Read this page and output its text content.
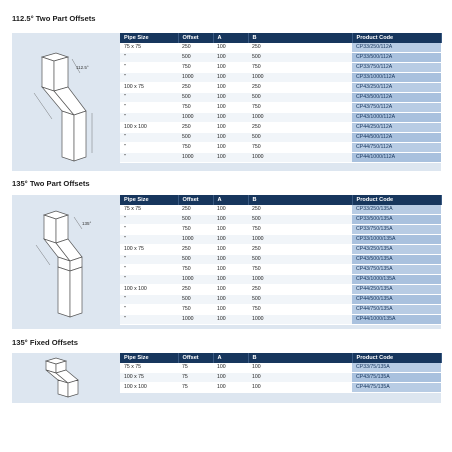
112.5° Two Part Offsets
112.5°
Pipe Size	Offset	A	B	Product Code
75 x 75	250	100	250	CP33/250/112A
"	500	100	500	CP33/500/112A
"	750	100	750	CP33/750/112A
"	1000	100	1000	CP33/1000/112A
100 x 75	250	100	250	CP43/250/112A
"	500	100	500	CP43/500/112A
"	750	100	750	CP43/750/112A
"	1000	100	1000	CP43/1000/112A
100 x 100	250	100	250	CP44/250/112A
"	500	100	500	CP44/500/112A
"	750	100	750	CP44/750/112A
"	1000	100	1000	CP44/1000/112A
135° Two Part Offsets
135°
Pipe Size	Offset	A	B	Product Code
75 x 75	250	100	250	CP33/250/135A
"	500	100	500	CP33/500/135A
"	750	100	750	CP33/750/135A
"	1000	100	1000	CP33/1000/135A
100 x 75	250	100	250	CP43/250/135A
"	500	100	500	CP43/500/135A
"	750	100	750	CP43/750/135A
"	1000	100	1000	CP43/1000/135A
100 x 100	250	100	250	CP44/250/135A
"	500	100	500	CP44/500/135A
"	750	100	750	CP44/750/135A
"	1000	100	1000	CP44/1000/135A
135° Fixed Offsets
Pipe Size	Offset	A	B	Product Code
75 x 75	75	100	100	CP33/75/135A
100 x 75	75	100	100	CP43/75/135A
100 x 100	75	100	100	CP44/75/135A
